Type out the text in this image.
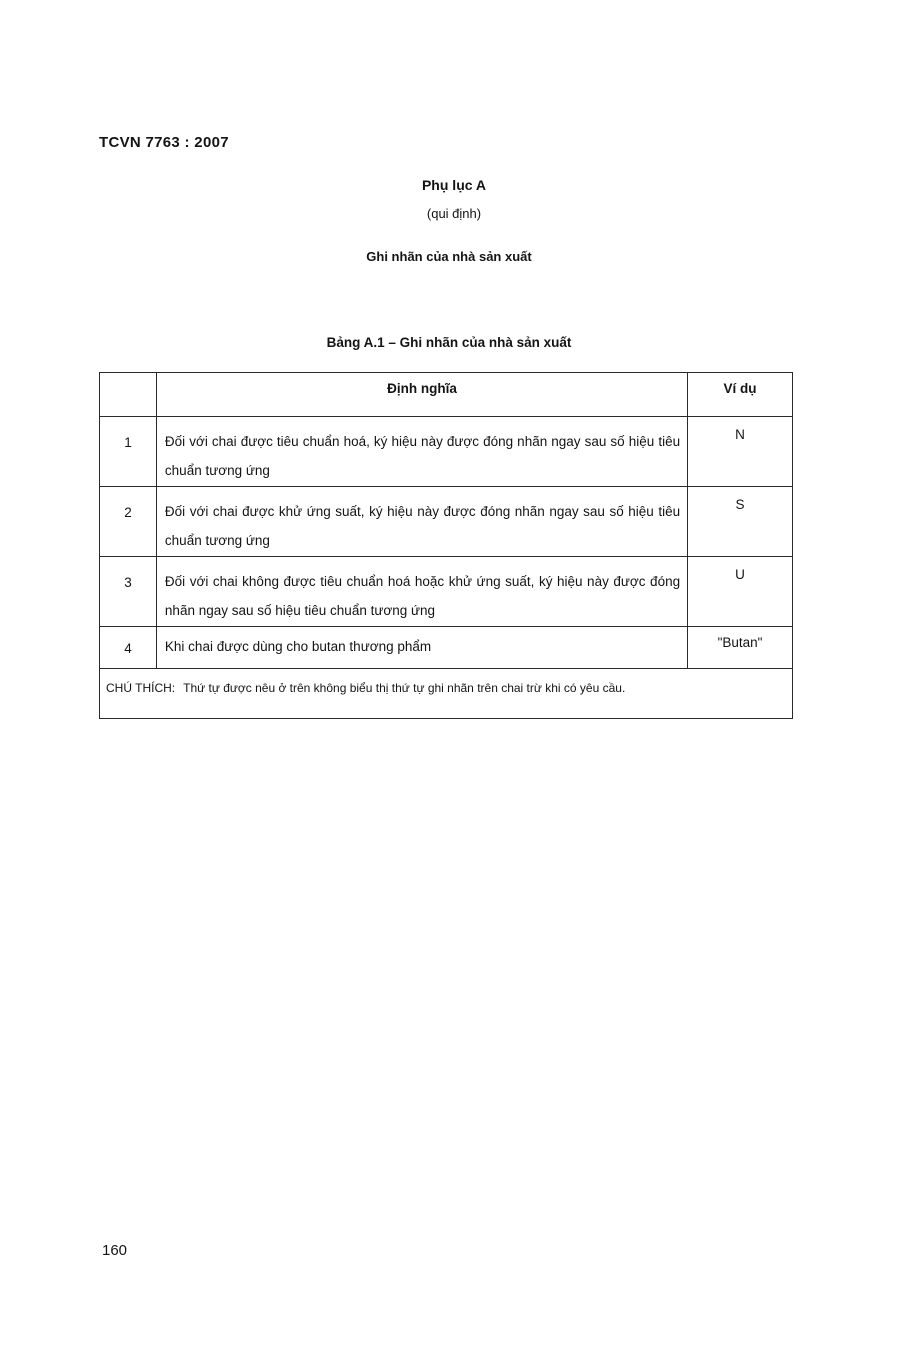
TCVN 7763 : 2007
Phụ lục A
(qui định)
Ghi nhãn của nhà sản xuất
Bảng A.1 – Ghi nhãn của nhà sản xuất
	Định nghĩa	Ví dụ
1	Đối với chai được tiêu chuẩn hoá, ký hiệu này được đóng nhãn ngay sau số hiệu tiêu chuẩn tương ứng	N
2	Đối với chai được khử ứng suất, ký hiệu này được đóng nhãn ngay sau số hiệu tiêu chuẩn tương ứng	S
3	Đối với chai không được tiêu chuẩn hoá hoặc khử ứng suất, ký hiệu này được đóng nhãn ngay sau số hiệu tiêu chuẩn tương ứng	U
4	Khi chai được dùng cho butan thương phẩm	"Butan"
CHÚ THÍCH: Thứ tự được nêu ở trên không biểu thị thứ tự ghi nhãn trên chai trừ khi có yêu cầu.		
160
